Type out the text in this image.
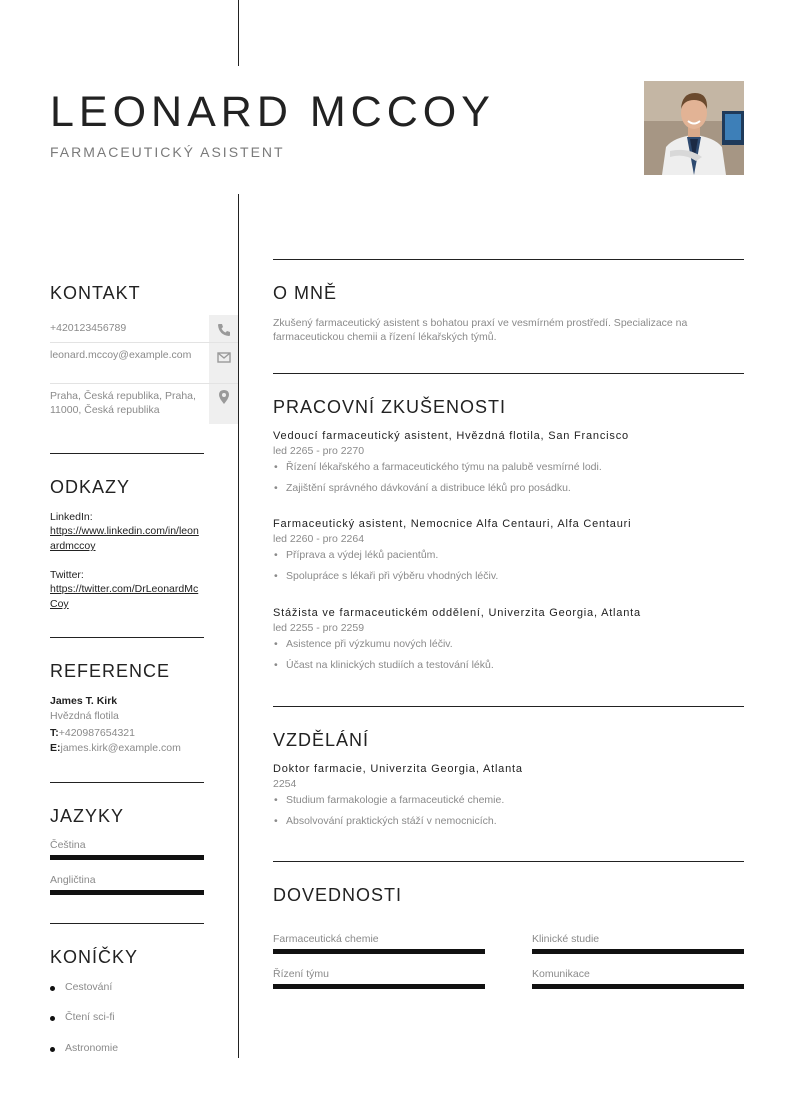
LEONARD MCCOY
FARMACEUTICKÝ ASISTENT
KONTAKT
+420123456789
leonard.mccoy@example.com
Praha, Česká republika, Praha, 11000, Česká republika
ODKAZY
LinkedIn:
https://www.linkedin.com/in/leonardmccoy
Twitter:
https://twitter.com/DrLeonardMcCoy
REFERENCE
James T. Kirk
Hvězdná flotila
T:+420987654321
E:james.kirk@example.com
JAZYKY
Čeština
Angličtina
KONÍČKY
Cestování
Čtení sci-fi
Astronomie
O MNĚ
Zkušený farmaceutický asistent s bohatou praxí ve vesmírném prostředí. Specializace na farmaceutickou chemii a řízení lékařských týmů.
PRACOVNÍ ZKUŠENOSTI
Vedoucí farmaceutický asistent, Hvězdná flotila, San Francisco
led 2265 - pro 2270
• Řízení lékařského a farmaceutického týmu na palubě vesmírné lodi.
• Zajištění správného dávkování a distribuce léků pro posádku.
Farmaceutický asistent, Nemocnice Alfa Centauri, Alfa Centauri
led 2260 - pro 2264
• Příprava a výdej léků pacientům.
• Spolupráce s lékaři při výběru vhodných léčiv.
Stážista ve farmaceutickém oddělení, Univerzita Georgia, Atlanta
led 2255 - pro 2259
• Asistence při výzkumu nových léčiv.
• Účast na klinických studiích a testování léků.
VZDĚLÁNÍ
Doktor farmacie, Univerzita Georgia, Atlanta
2254
• Studium farmakologie a farmaceutické chemie.
• Absolvování praktických stáží v nemocnicích.
DOVEDNOSTI
Farmaceutická chemie	Klinické studie
Řízení týmu	Komunikace
